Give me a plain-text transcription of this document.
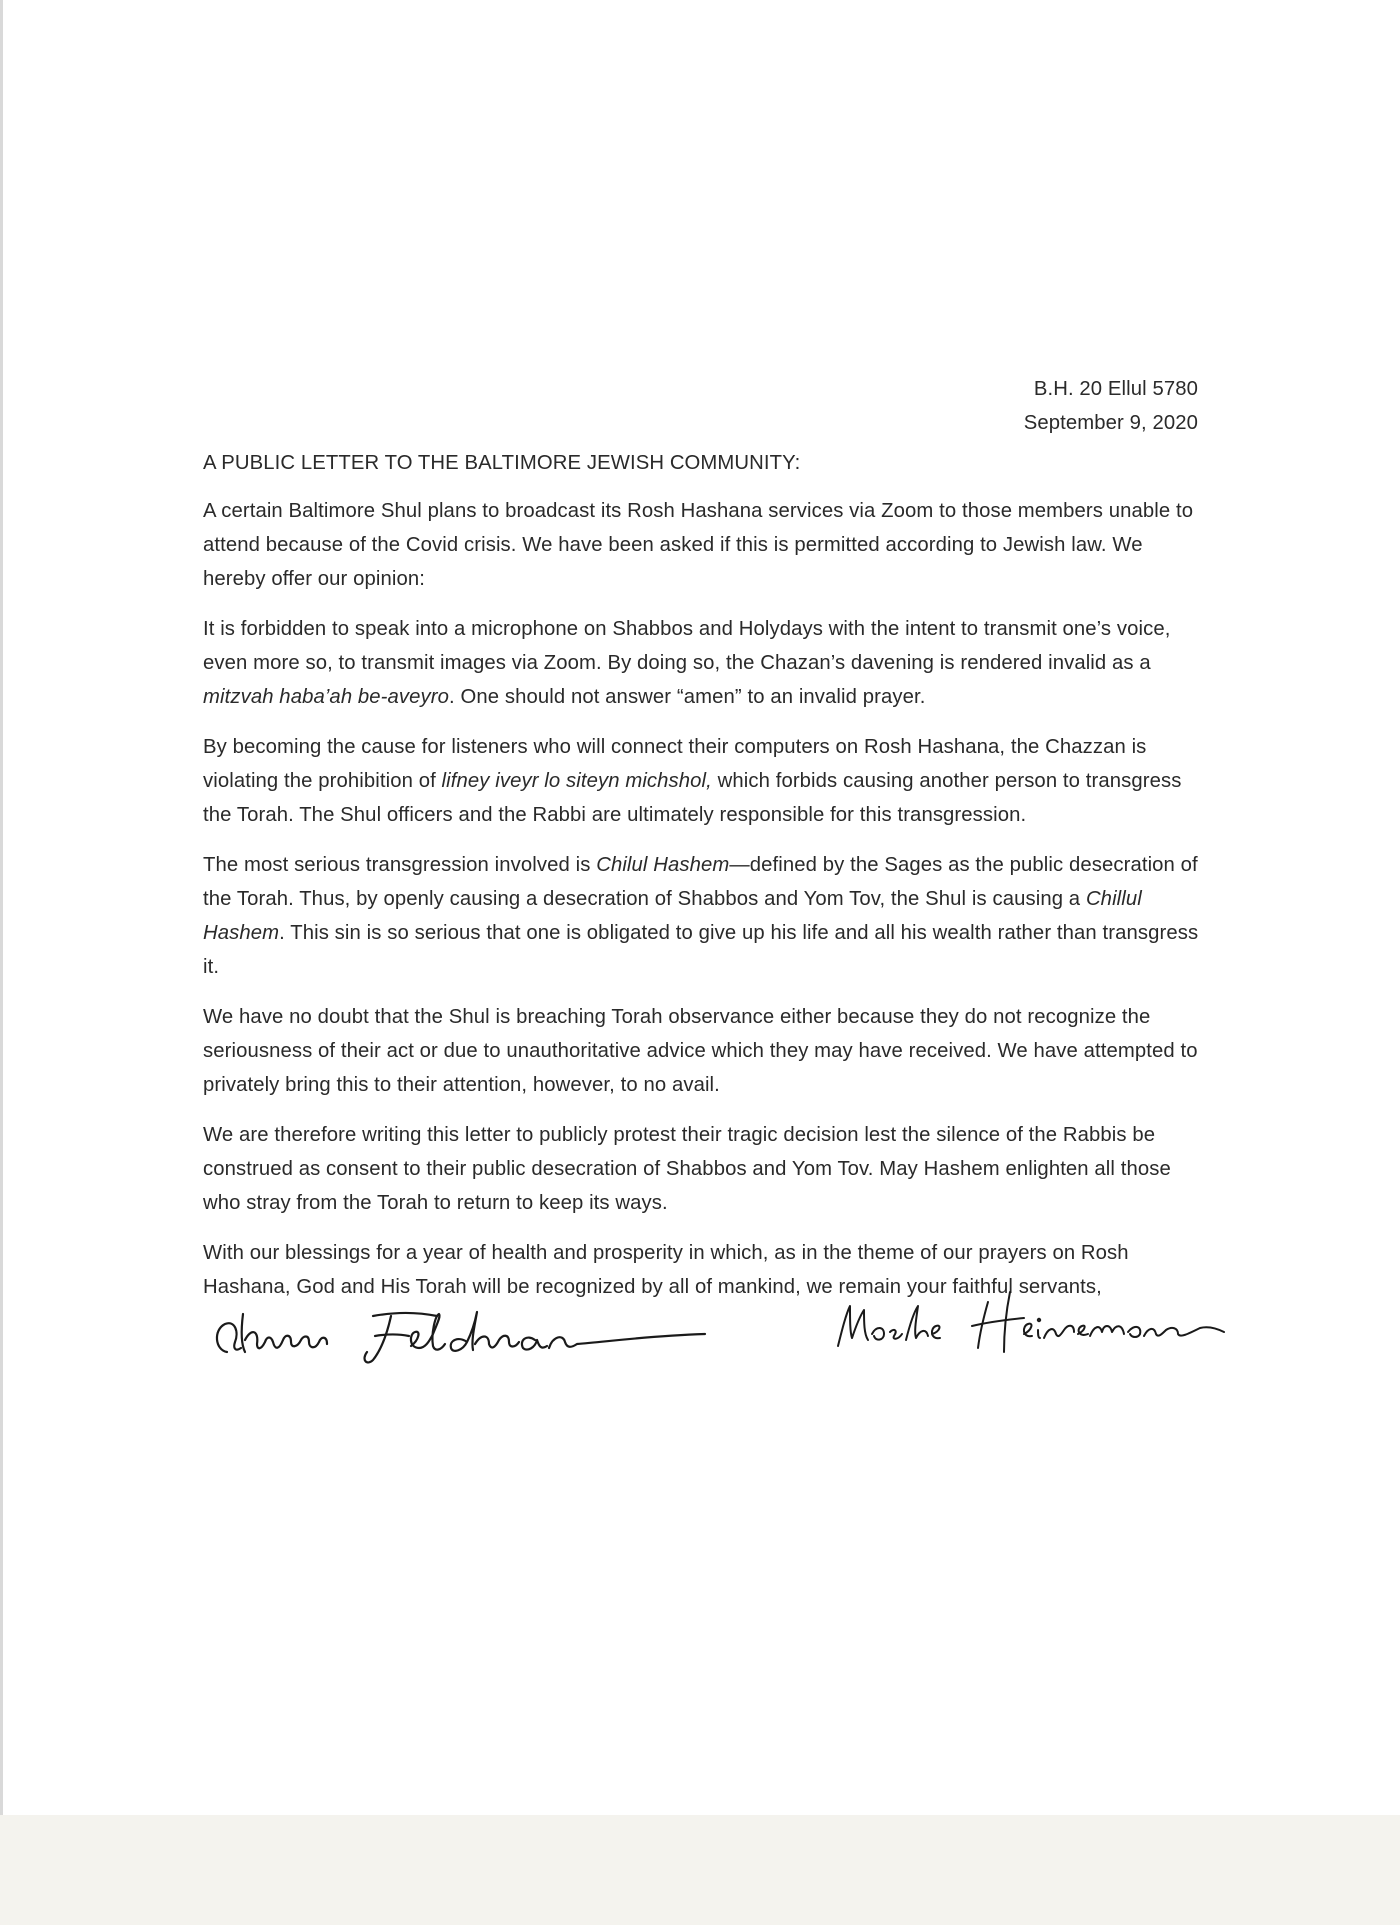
B.H. 20 Ellul 5780
September 9, 2020
A PUBLIC LETTER TO THE BALTIMORE JEWISH COMMUNITY:

A certain Baltimore Shul plans to broadcast its Rosh Hashana services via Zoom to those members unable to attend because of the Covid crisis. We have been asked if this is permitted according to Jewish law. We hereby offer our opinion:

It is forbidden to speak into a microphone on Shabbos and Holydays with the intent to transmit one’s voice, even more so, to transmit images via Zoom. By doing so, the Chazan’s davening is rendered invalid as a mitzvah haba’ah be-aveyro. One should not answer “amen” to an invalid prayer.

By becoming the cause for listeners who will connect their computers on Rosh Hashana, the Chazzan is violating the prohibition of lifney iveyr lo siteyn michshol, which forbids causing another person to transgress the Torah. The Shul officers and the Rabbi are ultimately responsible for this transgression.

The most serious transgression involved is Chilul Hashem—defined by the Sages as the public desecration of the Torah. Thus, by openly causing a desecration of Shabbos and Yom Tov, the Shul is causing a Chillul Hashem. This sin is so serious that one is obligated to give up his life and all his wealth rather than transgress it.

We have no doubt that the Shul is breaching Torah observance either because they do not recognize the seriousness of their act or due to unauthoritative advice which they may have received. We have attempted to privately bring this to their attention, however, to no avail.

We are therefore writing this letter to publicly protest their tragic decision lest the silence of the Rabbis be construed as consent to their public desecration of Shabbos and Yom Tov. May Hashem enlighten all those who stray from the Torah to return to keep its ways.

With our blessings for a year of health and prosperity in which, as in the theme of our prayers on Rosh Hashana, God and His Torah will be recognized by all of mankind, we remain your faithful servants,
